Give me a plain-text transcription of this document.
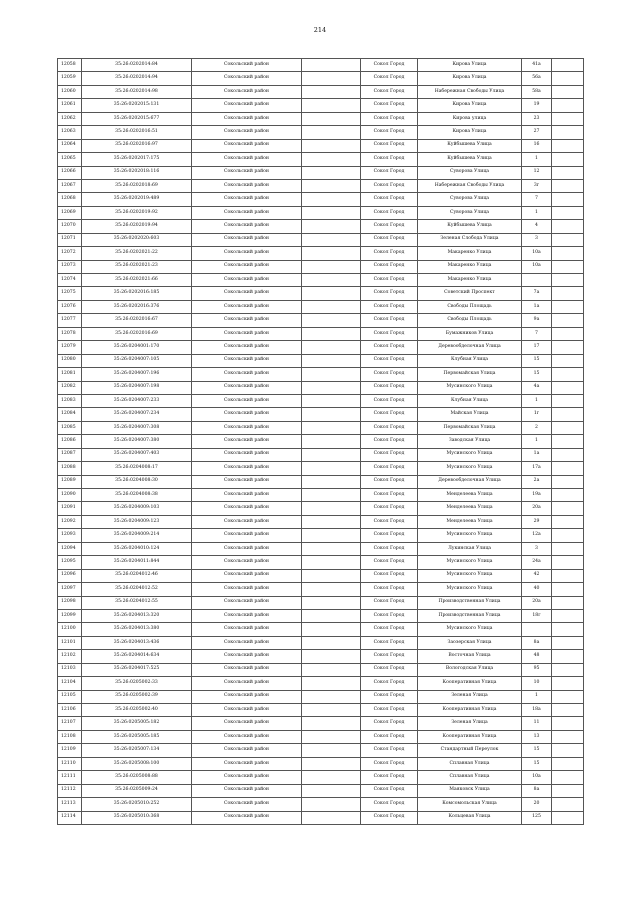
214
12058	35:26:0202014:84	Сокольский район		Сокол Город	Кирова Улица	41а	
12059	35:26:0202014:94	Сокольский район		Сокол Город	Кирова Улица	56а	
12060	35:26:0202014:98	Сокольский район		Сокол Город	Набережная Свободы Улица	58а	
12061	35:26:0202015:131	Сокольский район		Сокол Город	Кирова Улица	19	
12062	35:26:0202015:677	Сокольский район		Сокол Город	Кирова улица	23	
12063	35:26:0202016:51	Сокольский район		Сокол Город	Кирова Улица	27	
12064	35:26:0202016:97	Сокольский район		Сокол Город	Куйбышева Улица	16	
12065	35:26:0202017:175	Сокольский район		Сокол Город	Куйбышева Улица	1	
12066	35:26:0202018:116	Сокольский район		Сокол Город	Суворова Улица	12	
12067	35:26:0202018:69	Сокольский район		Сокол Город	Набережная Свободы Улица	3г	
12068	35:26:0202019:489	Сокольский район		Сокол Город	Суворова Улица	7	
12069	35:26:0202019:92	Сокольский район		Сокол Город	Суворова Улица	1	
12070	35:26:0202019:94	Сокольский район		Сокол Город	Куйбышева Улица	4	
12071	35:26:0202020:603	Сокольский район		Сокол Город	Зеленая Слобода Улица	3	
12072	35:26:0202021:22	Сокольский район		Сокол Город	Макаренко Улица	10а	
12073	35:26:0202021:23	Сокольский район		Сокол Город	Макаренко Улица	10а	
12074	35:26:0202021:66	Сокольский район		Сокол Город	Макаренко Улица		
12075	35:26:0202016:185	Сокольский район		Сокол Город	Советский Проспект	7а	
12076	35:26:0202016:376	Сокольский район		Сокол Город	Свободы Площадь	1а	
12077	35:26:0202016:67	Сокольский район		Сокол Город	Свободы Площадь	9а	
12078	35:26:0202016:69	Сокольский район		Сокол Город	Бумажников Улица	7	
12079	35:26:0204001:170	Сокольский район		Сокол Город	Деревообделочная Улица	17	
12080	35:26:0204007:105	Сокольский район		Сокол Город	Клубная Улица	15	
12081	35:26:0204007:196	Сокольский район		Сокол Город	Первомайская Улица	15	
12082	35:26:0204007:198	Сокольский район		Сокол Город	Мусинского Улица	4а	
12083	35:26:0204007:233	Сокольский район		Сокол Город	Клубная Улица	1	
12084	35:26:0204007:234	Сокольский район		Сокол Город	Майская Улица	1г	
12085	35:26:0204007:308	Сокольский район		Сокол Город	Первомайская Улица	2	
12086	35:26:0204007:380	Сокольский район		Сокол Город	Заводская Улица	1	
12087	35:26:0204007:403	Сокольский район		Сокол Город	Мусинского Улица	1а	
12088	35:26:0204008:17	Сокольский район		Сокол Город	Мусинского Улица	17а	
12089	35:26:0204008:30	Сокольский район		Сокол Город	Деревообделочная Улица	2а	
12090	35:26:0204008:38	Сокольский район		Сокол Город	Менделеева Улица	19а	
12091	35:26:0204009:103	Сокольский район		Сокол Город	Менделеева Улица	20а	
12092	35:26:0204009:123	Сокольский район		Сокол Город	Менделеева Улица	29	
12093	35:26:0204009:214	Сокольский район		Сокол Город	Мусинского Улица	12а	
12094	35:26:0204010:124	Сокольский район		Сокол Город	Лукинская Улица	3	
12095	35:26:0204011:844	Сокольский район		Сокол Город	Мусинского Улица	24а	
12096	35:26:0204012:46	Сокольский район		Сокол Город	Мусинского Улица	42	
12097	35:26:0204012:52	Сокольский район		Сокол Город	Мусинского Улица	40	
12098	35:26:0204012:55	Сокольский район		Сокол Город	Производственная Улица	20а	
12099	35:26:0204013:320	Сокольский район		Сокол Город	Производственная Улица	18г	
12100	35:26:0204013:380	Сокольский район		Сокол Город	Мусинского Улица		
12101	35:26:0204013:436	Сокольский район		Сокол Город	Заозерская Улица	8а	
12102	35:26:0204014:634	Сокольский район		Сокол Город	Восточная Улица	48	
12103	35:26:0204017:525	Сокольский район		Сокол Город	Вологодская Улица	95	
12104	35:26:0205002:33	Сокольский район		Сокол Город	Кооперативная Улица	10	
12105	35:26:0205002:39	Сокольский район		Сокол Город	Зеленая Улица	1	
12106	35:26:0205002:40	Сокольский район		Сокол Город	Кооперативная Улица	18а	
12107	35:26:0205005:182	Сокольский район		Сокол Город	Зеленая Улица	11	
12108	35:26:0205005:185	Сокольский район		Сокол Город	Кооперативная Улица	13	
12109	35:26:0205007:134	Сокольский район		Сокол Город	Стандартный Переулок	15	
12110	35:26:0205008:100	Сокольский район		Сокол Город	Сплавная Улица	15	
12111	35:26:0205008:88	Сокольский район		Сокол Город	Сплавная Улица	10а	
12112	35:26:0205009:24	Сокольский район		Сокол Город	Маяковск Улица	8а	
12113	35:26:0205010:252	Сокольский район		Сокол Город	Комсомольская Улица	20	
12114	35:26:0205010:368	Сокольский район		Сокол Город	Кольцевая Улица	125	
